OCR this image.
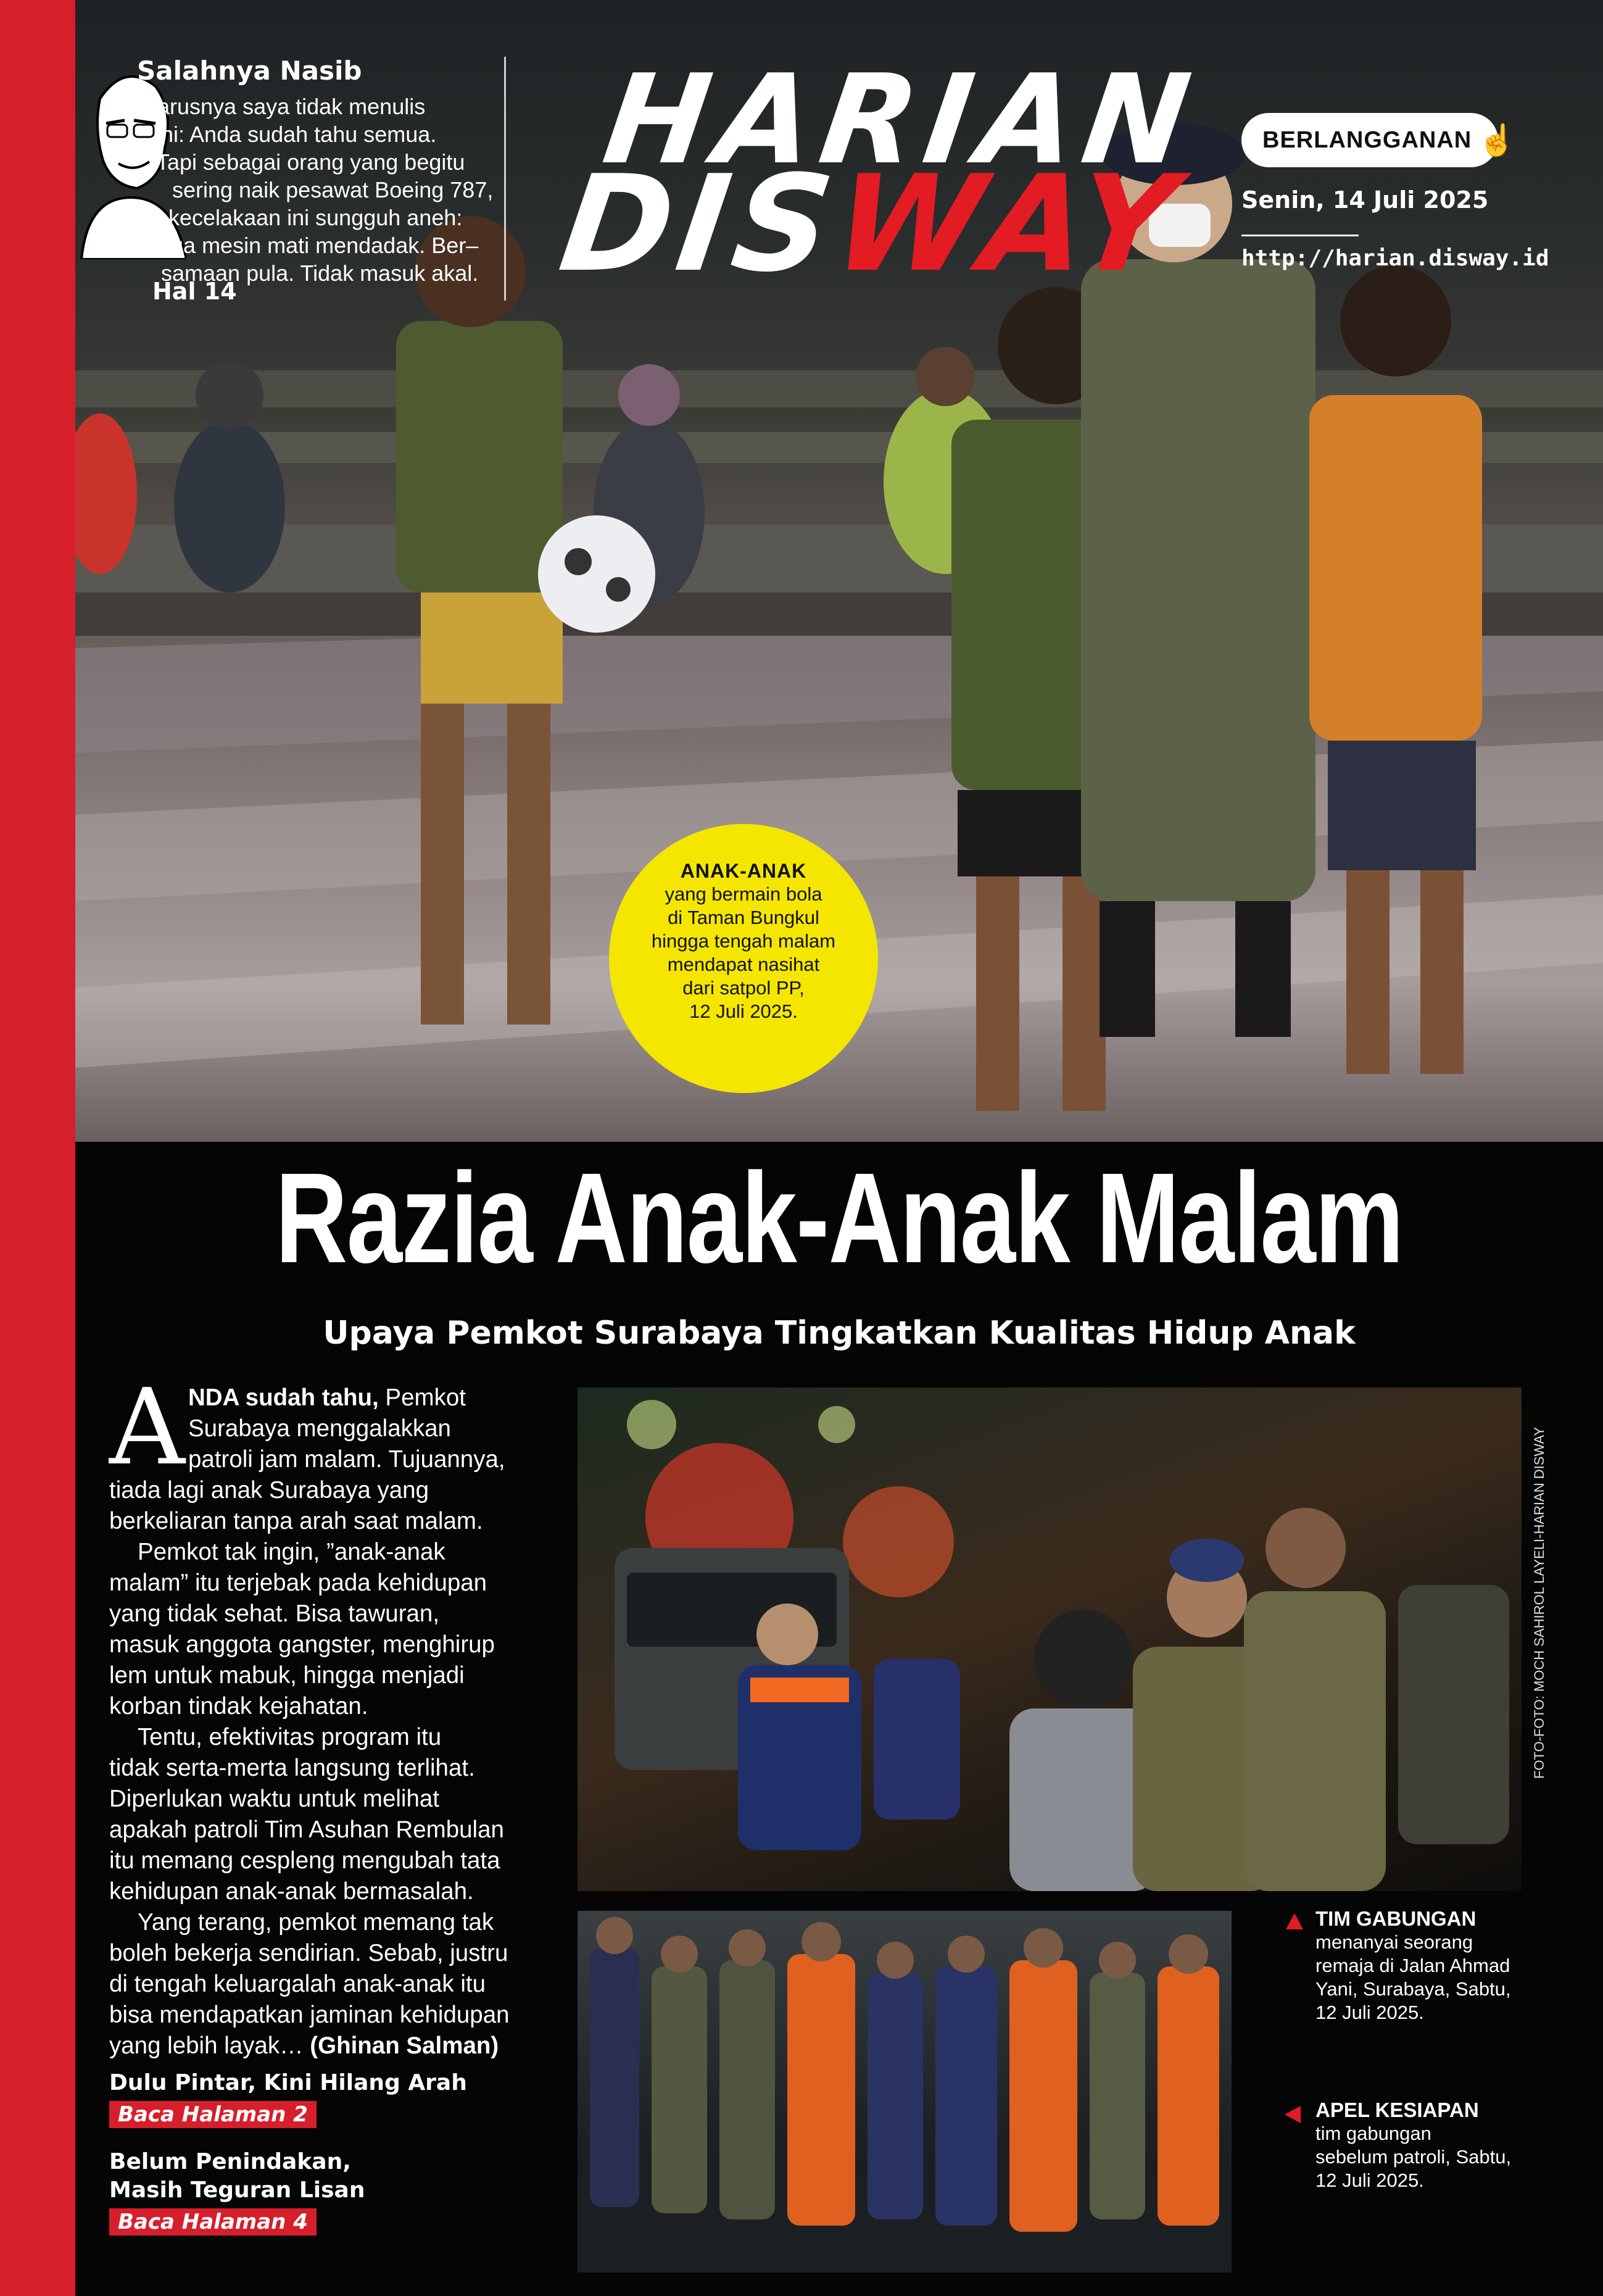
HARIAN
DISWAY
BERLANGGANAN ☝
Senin, 14 Juli 2025
http://harian.disway.id
Salahnya Nasib
Harusnya saya tidak menulis
ini: Anda sudah tahu semua.
Tapi sebagai orang yang begitu
sering naik pesawat Boeing 787,
kecelakaan ini sungguh aneh:
dua mesin mati mendadak. Ber–
samaan pula. Tidak masuk akal.
Hal 14
ANAK-ANAK
yang bermain bola
di Taman Bungkul
hingga tengah malam
mendapat nasihat
dari satpol PP,
12 Juli 2025.
Razia Anak-Anak Malam
Upaya Pemkot Surabaya Tingkatkan Kualitas Hidup Anak
A NDA sudah tahu, Pemkot
Surabaya menggalakkan
patroli jam malam. Tujuannya,
tiada lagi anak Surabaya yang
berkeliaran tanpa arah saat malam.
Pemkot tak ingin, ”anak-anak
malam” itu terjebak pada kehidupan
yang tidak sehat. Bisa tawuran,
masuk anggota gangster, menghirup
lem untuk mabuk, hingga menjadi
korban tindak kejahatan.
Tentu, efektivitas program itu
tidak serta-merta langsung terlihat.
Diperlukan waktu untuk melihat
apakah patroli Tim Asuhan Rembulan
itu memang cespleng mengubah tata
kehidupan anak-anak bermasalah.
Yang terang, pemkot memang tak
boleh bekerja sendirian. Sebab, justru
di tengah keluargalah anak-anak itu
bisa mendapatkan jaminan kehidupan
yang lebih layak… (Ghinan Salman)
Dulu Pintar, Kini Hilang Arah
Baca Halaman 2
Belum Penindakan,
Masih Teguran Lisan
Baca Halaman 4
FOTO-FOTO: MOCH SAHIROL LAYELI-HARIAN DISWAY
TIM GABUNGAN
menanyai seorang
remaja di Jalan Ahmad
Yani, Surabaya, Sabtu,
12 Juli 2025.
APEL KESIAPAN
tim gabungan
sebelum patroli, Sabtu,
12 Juli 2025.
